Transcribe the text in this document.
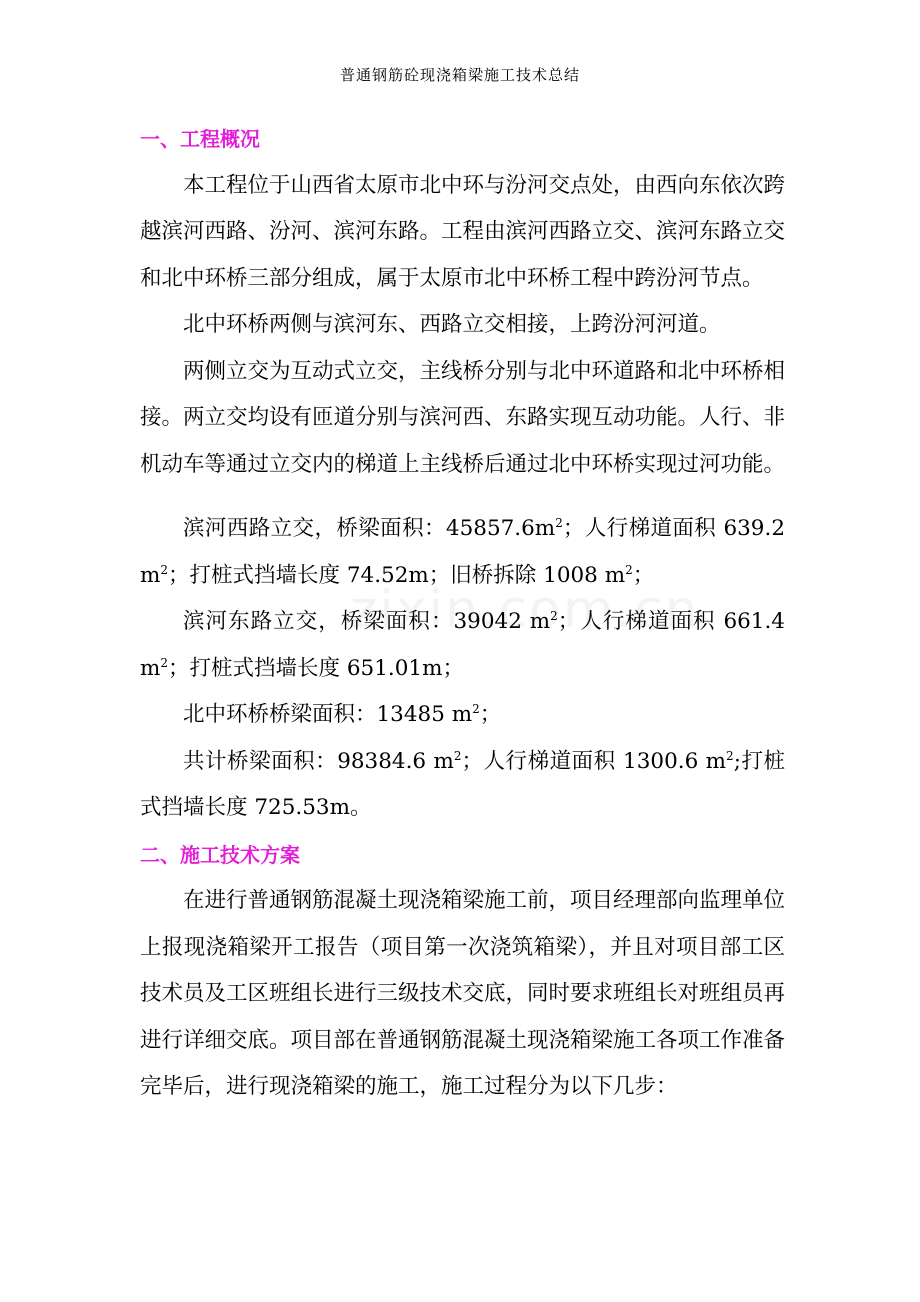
普通钢筋砼现浇箱梁施工技术总结
一、工程概况

本工程位于山西省太原市北中环与汾河交点处，由西向东依次跨越滨河西路、汾河、滨河东路。工程由滨河西路立交、滨河东路立交和北中环桥三部分组成，属于太原市北中环桥工程中跨汾河节点。

北中环桥两侧与滨河东、西路立交相接，上跨汾河河道。

两侧立交为互动式立交，主线桥分别与北中环道路和北中环桥相接。两立交均设有匝道分别与滨河西、东路实现互动功能。人行、非机动车等通过立交内的梯道上主线桥后通过北中环桥实现过河功能。

滨河西路立交，桥梁面积：$45857.6m^2$；人行梯道面积 639.2 $m^2$；打桩式挡墙长度 74.52m；旧桥拆除 1008 $m^2$；

滨河东路立交，桥梁面积：39042 $m^2$；人行梯道面积 661.4 $m^2$；打桩式挡墙长度 651.01m；

北中环桥桥梁面积：13485 $m^2$；

共计桥梁面积：98384.6 $m^2$；人行梯道面积 1300.6 $m^2$;打桩式挡墙长度 725.53m。

二、施工技术方案

在进行普通钢筋混凝土现浇箱梁施工前，项目经理部向监理单位上报现浇箱梁开工报告（项目第一次浇筑箱梁），并且对项目部工区技术员及工区班组长进行三级技术交底，同时要求班组长对班组员再进行详细交底。项目部在普通钢筋混凝土现浇箱梁施工各项工作准备完毕后，进行现浇箱梁的施工，施工过程分为以下几步：
